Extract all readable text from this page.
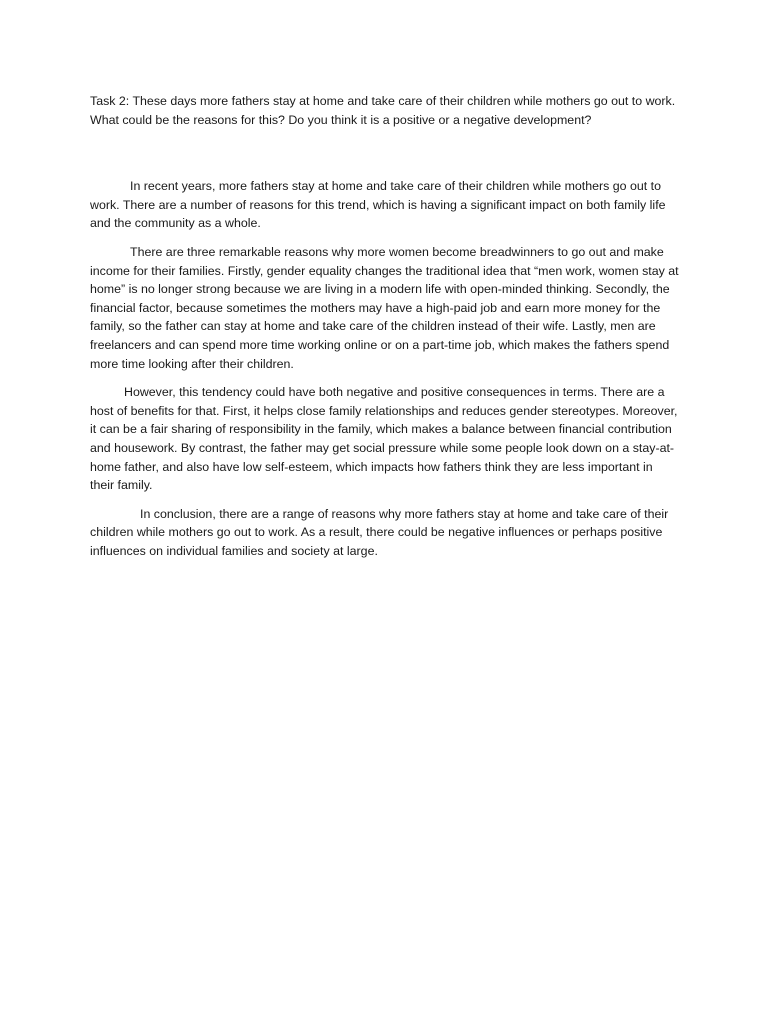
Task 2: These days more fathers stay at home and take care of their children while mothers go out to work. What could be the reasons for this? Do you think it is a positive or a negative development?

In recent years, more fathers stay at home and take care of their children while mothers go out to work. There are a number of reasons for this trend, which is having a significant impact on both family life and the community as a whole.

There are three remarkable reasons why more women become breadwinners to go out and make income for their families. Firstly, gender equality changes the traditional idea that “men work, women stay at home” is no longer strong because we are living in a modern life with open-minded thinking. Secondly, the financial factor, because sometimes the mothers may have a high-paid job and earn more money for the family, so the father can stay at home and take care of the children instead of their wife. Lastly, men are freelancers and can spend more time working online or on a part-time job, which makes the fathers spend more time looking after their children.

However, this tendency could have both negative and positive consequences in terms. There are a host of benefits for that. First, it helps close family relationships and reduces gender stereotypes. Moreover, it can be a fair sharing of responsibility in the family, which makes a balance between financial contribution and housework. By contrast, the father may get social pressure while some people look down on a stay-at-home father, and also have low self-esteem, which impacts how fathers think they are less important in their family.

In conclusion, there are a range of reasons why more fathers stay at home and take care of their children while mothers go out to work. As a result, there could be negative influences or perhaps positive influences on individual families and society at large.
